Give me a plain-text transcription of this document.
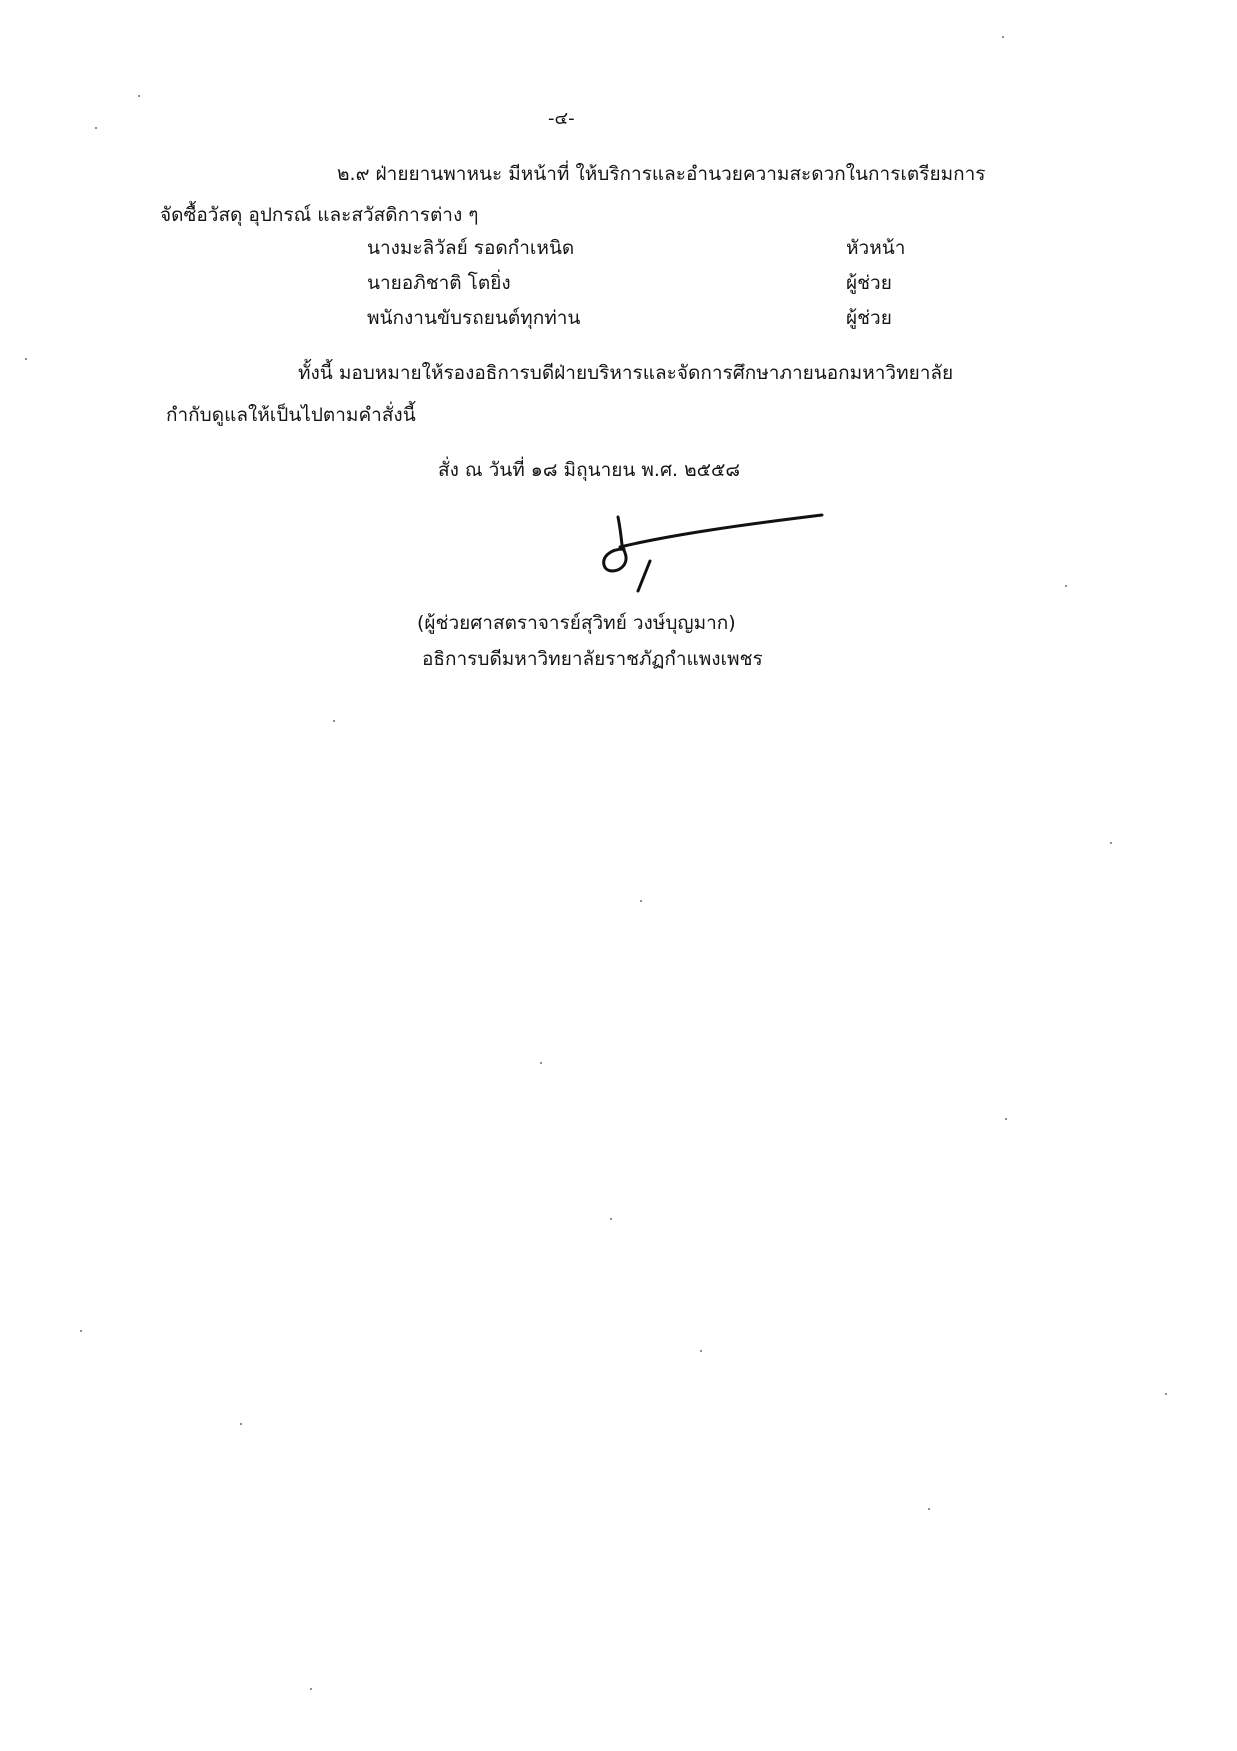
-๔-
๒.๙ ฝ่ายยานพาหนะ มีหน้าที่ ให้บริการและอำนวยความสะดวกในการเตรียมการ
จัดซื้อวัสดุ อุปกรณ์ และสวัสดิการต่าง ๆ
นางมะลิวัลย์ รอดกำเหนิด	หัวหน้า
นายอภิชาติ โตยิ่ง	ผู้ช่วย
พนักงานขับรถยนต์ทุกท่าน	ผู้ช่วย
ทั้งนี้ มอบหมายให้รองอธิการบดีฝ่ายบริหารและจัดการศึกษาภายนอกมหาวิทยาลัย
กำกับดูแลให้เป็นไปตามคำสั่งนี้
สั่ง ณ วันที่ ๑๘ มิถุนายน พ.ศ. ๒๕๕๘
(ผู้ช่วยศาสตราจารย์สุวิทย์ วงษ์บุญมาก)
อธิการบดีมหาวิทยาลัยราชภัฏกำแพงเพชร
